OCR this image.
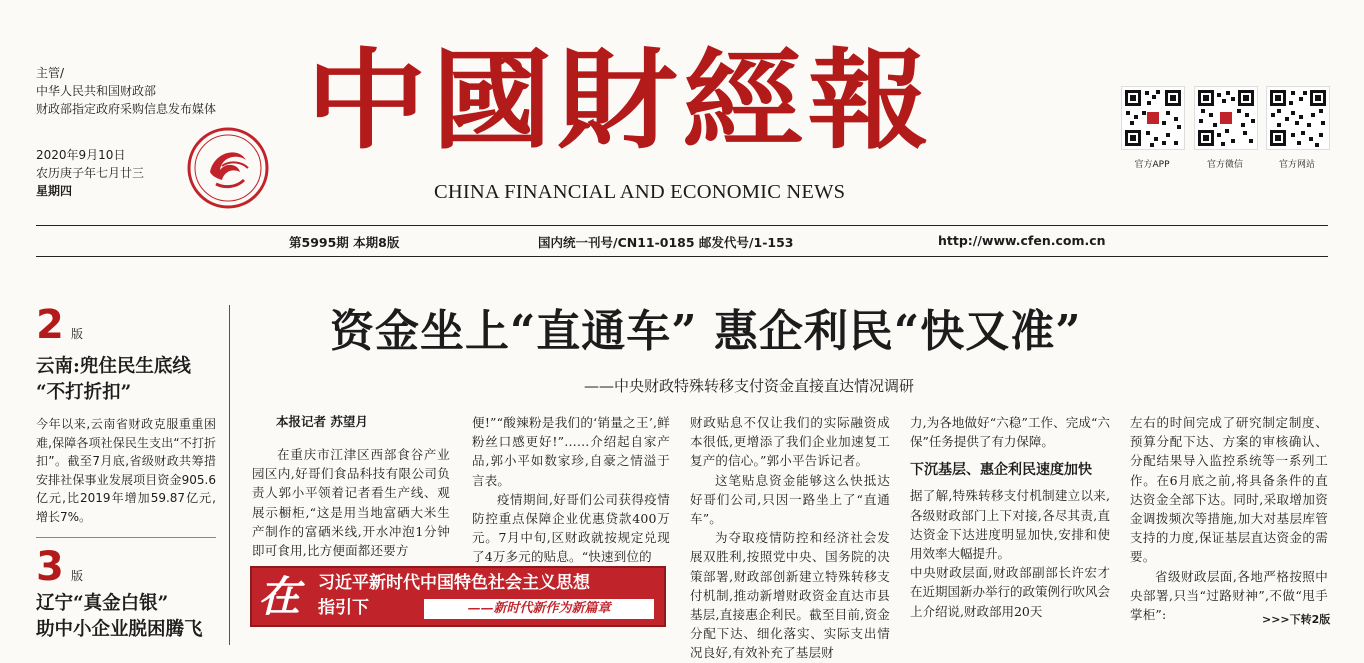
主管/
中华人民共和国财政部
财政部指定政府采购信息发布媒体
2020年9月10日
农历庚子年七月廿三
星期四
中國財經報
CHINA FINANCIAL AND ECONOMIC NEWS
官方APP	官方微信	官方网站
第5995期 本期8版	国内统一刊号/CN11-0185 邮发代号/1-153	http://www.cfen.com.cn
2 版
云南:兜住民生底线
“不打折扣”
今年以来,云南省财政克服重重困难,保障各项社保民生支出“不打折扣”。截至7月底,省级财政共筹措安排社保事业发展项目资金905.6亿元,比2019年增加59.87亿元,增长7%。
3 版
辽宁“真金白银”
助中小企业脱困腾飞
资金坐上“直通车” 惠企利民“快又准”
——中央财政特殊转移支付资金直接直达情况调研
本报记者 苏望月
在重庆市江津区西部食谷产业园区内,好哥们食品科技有限公司负责人郭小平领着记者看生产线、观展示橱柜,“这是用当地富硒大米生产制作的富硒米线,开水冲泡1分钟即可食用,比方便面都还要方
便!”“酸辣粉是我们的‘销量之王’,鲜粉丝口感更好!”……介绍起自家产品,郭小平如数家珍,自豪之情溢于言表。
疫情期间,好哥们公司获得疫情防控重点保障企业优惠贷款400万元。7月中旬,区财政就按规定兑现了4万多元的贴息。“快速到位的
财政贴息不仅让我们的实际融资成本很低,更增添了我们企业加速复工复产的信心。”郭小平告诉记者。
这笔贴息资金能够这么快抵达好哥们公司,只因一路坐上了“直通车”。
为夺取疫情防控和经济社会发展双胜利,按照党中央、国务院的决策部署,财政部创新建立特殊转移支付机制,推动新增财政资金直达市县基层,直接惠企利民。截至目前,资金分配下达、细化落实、实际支出情况良好,有效补充了基层财
力,为各地做好“六稳”工作、完成“六保”任务提供了有力保障。
下沉基层、惠企利民速度加快
据了解,特殊转移支付机制建立以来,各级财政部门上下对接,各尽其责,直达资金下达进度明显加快,安排和使用效率大幅提升。
中央财政层面,财政部副部长许宏才在近期国新办举行的政策例行吹风会上介绍说,财政部用20天
左右的时间完成了研究制定制度、预算分配下达、方案的审核确认、分配结果导入监控系统等一系列工作。在6月底之前,将具备条件的直达资金全部下达。同时,采取增加资金调拨频次等措施,加大对基层库管支持的力度,保证基层直达资金的需要。
省级财政层面,各地严格按照中央部署,只当“过路财神”,不做“甩手掌柜”:	>>>下转2版
在 习近平新时代中国特色社会主义思想
指引下	——新时代新作为新篇章
